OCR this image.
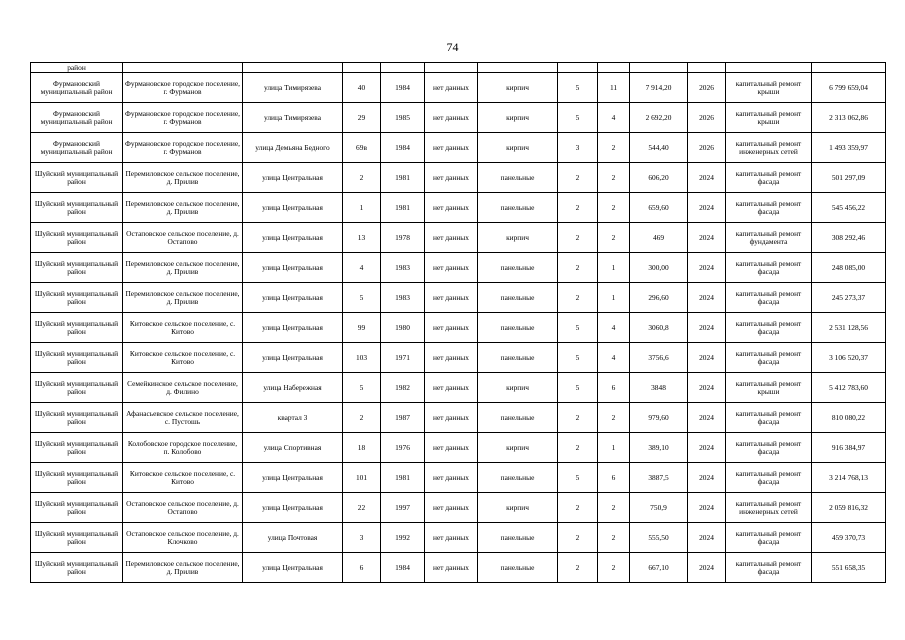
74
район												
Фурмановский муниципальный район	Фурмановское городское поселение, г. Фурманов	улица Тимирязева	40	1984	нет данных	кирпич	5	11	7 914,20	2026	капитальный ремонт крыши	6 799 659,04
Фурмановский муниципальный район	Фурмановское городское поселение, г. Фурманов	улица Тимирязева	29	1985	нет данных	кирпич	5	4	2 692,20	2026	капитальный ремонт крыши	2 313 062,86
Фурмановский муниципальный район	Фурмановское городское поселение, г. Фурманов	улица Демьяна Бедного	69в	1984	нет данных	кирпич	3	2	544,40	2026	капитальный ремонт инженерных сетей	1 493 359,97
Шуйский муниципальный район	Перемиловское сельское поселение, д. Прилив	улица Центральная	2	1981	нет данных	панельные	2	2	606,20	2024	капитальный ремонт фасада	501 297,09
Шуйский муниципальный район	Перемиловское сельское поселение, д. Прилив	улица Центральная	1	1981	нет данных	панельные	2	2	659,60	2024	капитальный ремонт фасада	545 456,22
Шуйский муниципальный район	Остаповское сельское поселение, д. Остапово	улица Центральная	13	1978	нет данных	кирпич	2	2	469	2024	капитальный ремонт фундамента	308 292,46
Шуйский муниципальный район	Перемиловское сельское поселение, д. Прилив	улица Центральная	4	1983	нет данных	панельные	2	1	300,00	2024	капитальный ремонт фасада	248 085,00
Шуйский муниципальный район	Перемиловское сельское поселение, д. Прилив	улица Центральная	5	1983	нет данных	панельные	2	1	296,60	2024	капитальный ремонт фасада	245 273,37
Шуйский муниципальный район	Китовское сельское поселение, с. Китово	улица Центральная	99	1980	нет данных	панельные	5	4	3060,8	2024	капитальный ремонт фасада	2 531 128,56
Шуйский муниципальный район	Китовское сельское поселение, с. Китово	улица Центральная	103	1971	нет данных	панельные	5	4	3756,6	2024	капитальный ремонт фасада	3 106 520,37
Шуйский муниципальный район	Семейкинское сельское поселение, д. Филино	улица Набережная	5	1982	нет данных	кирпич	5	6	3848	2024	капитальный ремонт крыши	5 412 783,60
Шуйский муниципальный район	Афанасьевское сельское поселение, с. Пустошь	квартал 3	2	1987	нет данных	панельные	2	2	979,60	2024	капитальный ремонт фасада	810 080,22
Шуйский муниципальный район	Колобовское городское поселение, п. Колобово	улица Спортивная	18	1976	нет данных	кирпич	2	1	389,10	2024	капитальный ремонт фасада	916 384,97
Шуйский муниципальный район	Китовское сельское поселение, с. Китово	улица Центральная	101	1981	нет данных	панельные	5	6	3887,5	2024	капитальный ремонт фасада	3 214 768,13
Шуйский муниципальный район	Остаповское сельское поселение, д. Остапово	улица Центральная	22	1997	нет данных	кирпич	2	2	750,9	2024	капитальный ремонт инженерных сетей	2 059 816,32
Шуйский муниципальный район	Остаповское сельское поселение, д. Клочково	улица Почтовая	3	1992	нет данных	панельные	2	2	555,50	2024	капитальный ремонт фасада	459 370,73
Шуйский муниципальный район	Перемиловское сельское поселение, д. Прилив	улица Центральная	6	1984	нет данных	панельные	2	2	667,10	2024	капитальный ремонт фасада	551 658,35
